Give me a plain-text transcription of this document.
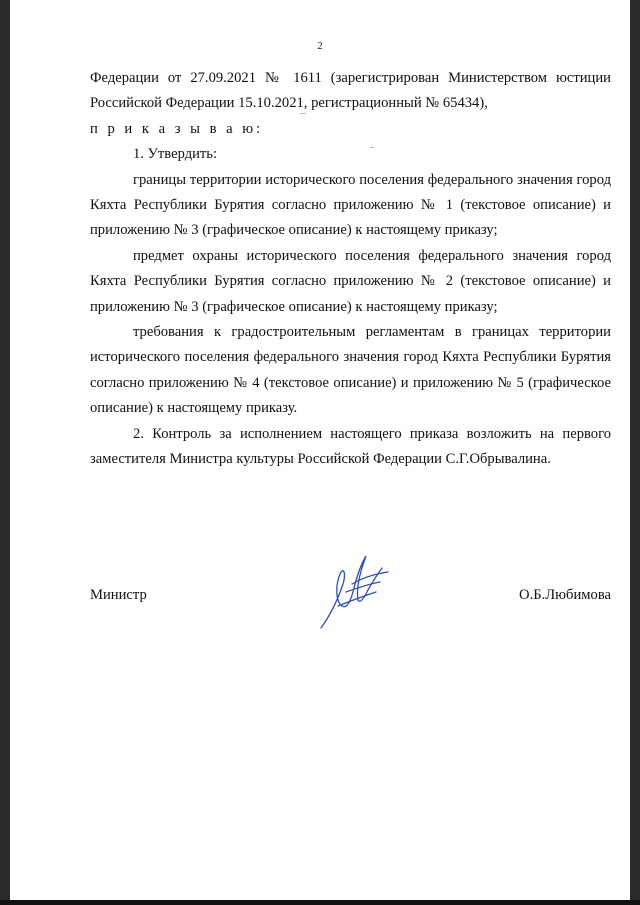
2

Федерации от 27.09.2021 № 1611 (зарегистрирован Министерством юстиции Российской Федерации 15.10.2021, регистрационный № 65434),

п р и к а з ы в а ю:

1. Утвердить:

границы территории исторического поселения федерального значения город Кяхта Республики Бурятия согласно приложению № 1 (текстовое описание) и приложению № 3 (графическое описание) к настоящему приказу;

предмет охраны исторического поселения федерального значения город Кяхта Республики Бурятия согласно приложению № 2 (текстовое описание) и приложению № 3 (графическое описание) к настоящему приказу;

требования к градостроительным регламентам в границах территории исторического поселения федерального значения город Кяхта Республики Бурятия согласно приложению № 4 (текстовое описание) и приложению № 5 (графическое описание) к настоящему приказу.

2. Контроль за исполнением настоящего приказа возложить на первого заместителя Министра культуры Российской Федерации С.Г.Обрывалина.

Министр	О.Б.Любимова
